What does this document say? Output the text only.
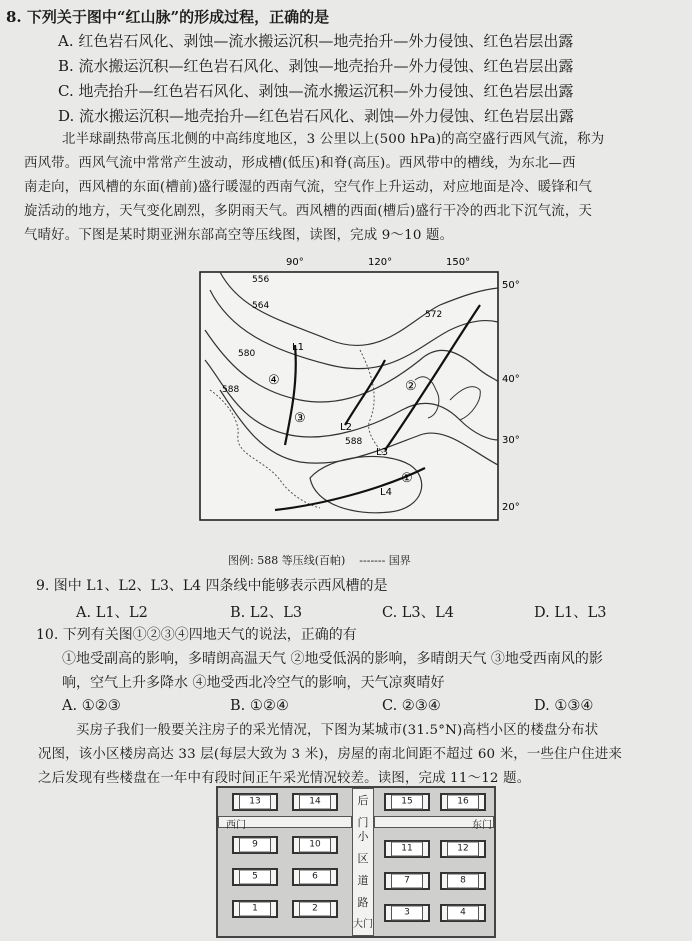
8. 下列关于图中“红山脉”的形成过程，正确的是
A. 红色岩石风化、剥蚀—流水搬运沉积—地壳抬升—外力侵蚀、红色岩层出露
B. 流水搬运沉积—红色岩石风化、剥蚀—地壳抬升—外力侵蚀、红色岩层出露
C. 地壳抬升—红色岩石风化、剥蚀—流水搬运沉积—外力侵蚀、红色岩层出露
D. 流水搬运沉积—地壳抬升—红色岩石风化、剥蚀—外力侵蚀、红色岩层出露
北半球副热带高压北侧的中高纬度地区，3 公里以上(500 hPa)的高空盛行西风气流，称为
西风带。西风气流中常常产生波动，形成槽(低压)和脊(高压)。西风带中的槽线，为东北—西
南走向，西风槽的东面(槽前)盛行暖湿的西南气流，空气作上升运动，对应地面是冷、暖锋和气
旋活动的地方，天气变化剧烈，多阴雨天气。西风槽的西面(槽后)盛行干冷的西北下沉气流，天
气晴好。下图是某时期亚洲东部高空等压线图，读图，完成 9～10 题。
90°	120°	150°
50°
40°
30°
20°
556
564
572
580
588
588
L1
L2
L3
L4
①
②
③
④
图例: 588 等压线(百帕) ------- 国界
9. 图中 L1、L2、L3、L4 四条线中能够表示西风槽的是
A. L1、L2	B. L2、L3	C. L3、L4	D. L1、L3
10. 下列有关图①②③④四地天气的说法，正确的有
①地受副高的影响，多晴朗高温天气 ②地受低涡的影响，多晴朗天气 ③地受西南风的影
响，空气上升多降水 ④地受西北冷空气的影响，天气凉爽晴好
A. ①②③	B. ①②④	C. ②③④	D. ①③④
买房子我们一般要关注房子的采光情况，下图为某城市(31.5°N)高档小区的楼盘分布状
况图，该小区楼房高达 33 层(每层大致为 3 米)，房屋的南北间距不超过 60 米，一些住户住进来
之后发现有些楼盘在一年中有段时间正午采光情况较差。读图，完成 11～12 题。
后门
小
区
道
路
大门
西门	东门
13	14
9	10
5	6
1	2
15	16
11	12
7	8
3	4
